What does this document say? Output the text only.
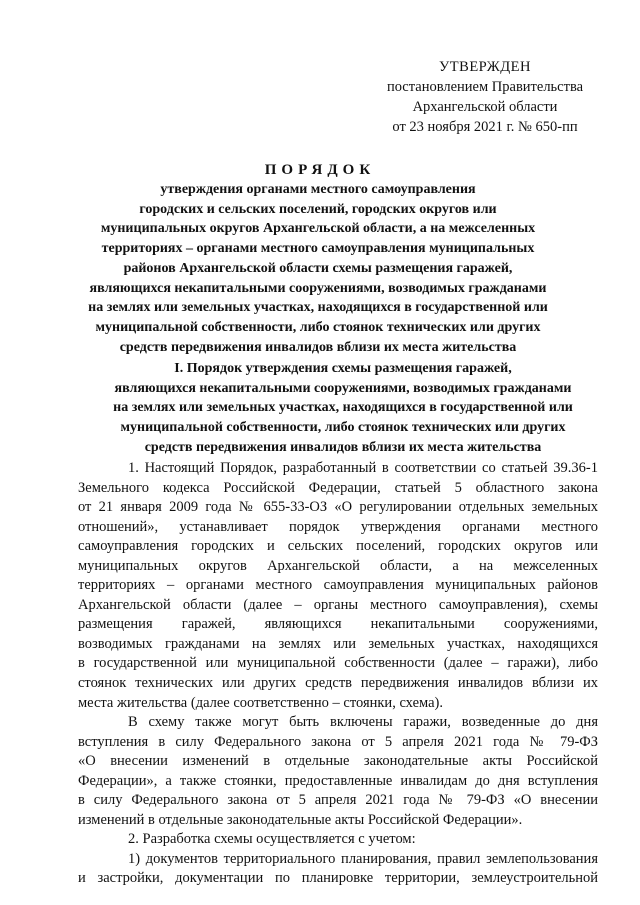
УТВЕРЖДЕН
постановлением Правительства
Архангельской области
от 23 ноября 2021 г. № 650-пп
ПОРЯДОК
утверждения органами местного самоуправления
городских и сельских поселений, городских округов или
муниципальных округов Архангельской области, а на межселенных
территориях – органами местного самоуправления муниципальных
районов Архангельской области схемы размещения гаражей,
являющихся некапитальными сооружениями, возводимых гражданами
на землях или земельных участках, находящихся в государственной или
муниципальной собственности, либо стоянок технических или других
средств передвижения инвалидов вблизи их места жительства
I. Порядок утверждения схемы размещения гаражей,
являющихся некапитальными сооружениями, возводимых гражданами
на землях или земельных участках, находящихся в государственной или
муниципальной собственности, либо стоянок технических или других
средств передвижения инвалидов вблизи их места жительства
1. Настоящий Порядок, разработанный в соответствии со статьей 39.36-1
Земельного кодекса Российской Федерации, статьей 5 областного закона
от 21 января 2009 года № 655-33-ОЗ «О регулировании отдельных земельных
отношений», устанавливает порядок утверждения органами местного
самоуправления городских и сельских поселений, городских округов или
муниципальных округов Архангельской области, а на межселенных
территориях – органами местного самоуправления муниципальных районов
Архангельской области (далее – органы местного самоуправления), схемы
размещения гаражей, являющихся некапитальными сооружениями,
возводимых гражданами на землях или земельных участках, находящихся
в государственной или муниципальной собственности (далее – гаражи), либо
стоянок технических или других средств передвижения инвалидов вблизи их
места жительства (далее соответственно – стоянки, схема).
В схему также могут быть включены гаражи, возведенные до дня
вступления в силу Федерального закона от 5 апреля 2021 года № 79-ФЗ
«О внесении изменений в отдельные законодательные акты Российской
Федерации», а также стоянки, предоставленные инвалидам до дня вступления
в силу Федерального закона от 5 апреля 2021 года № 79-ФЗ «О внесении
изменений в отдельные законодательные акты Российской Федерации».
2. Разработка схемы осуществляется с учетом:
1) документов территориального планирования, правил землепользования
и застройки, документации по планировке территории, землеустроительной
